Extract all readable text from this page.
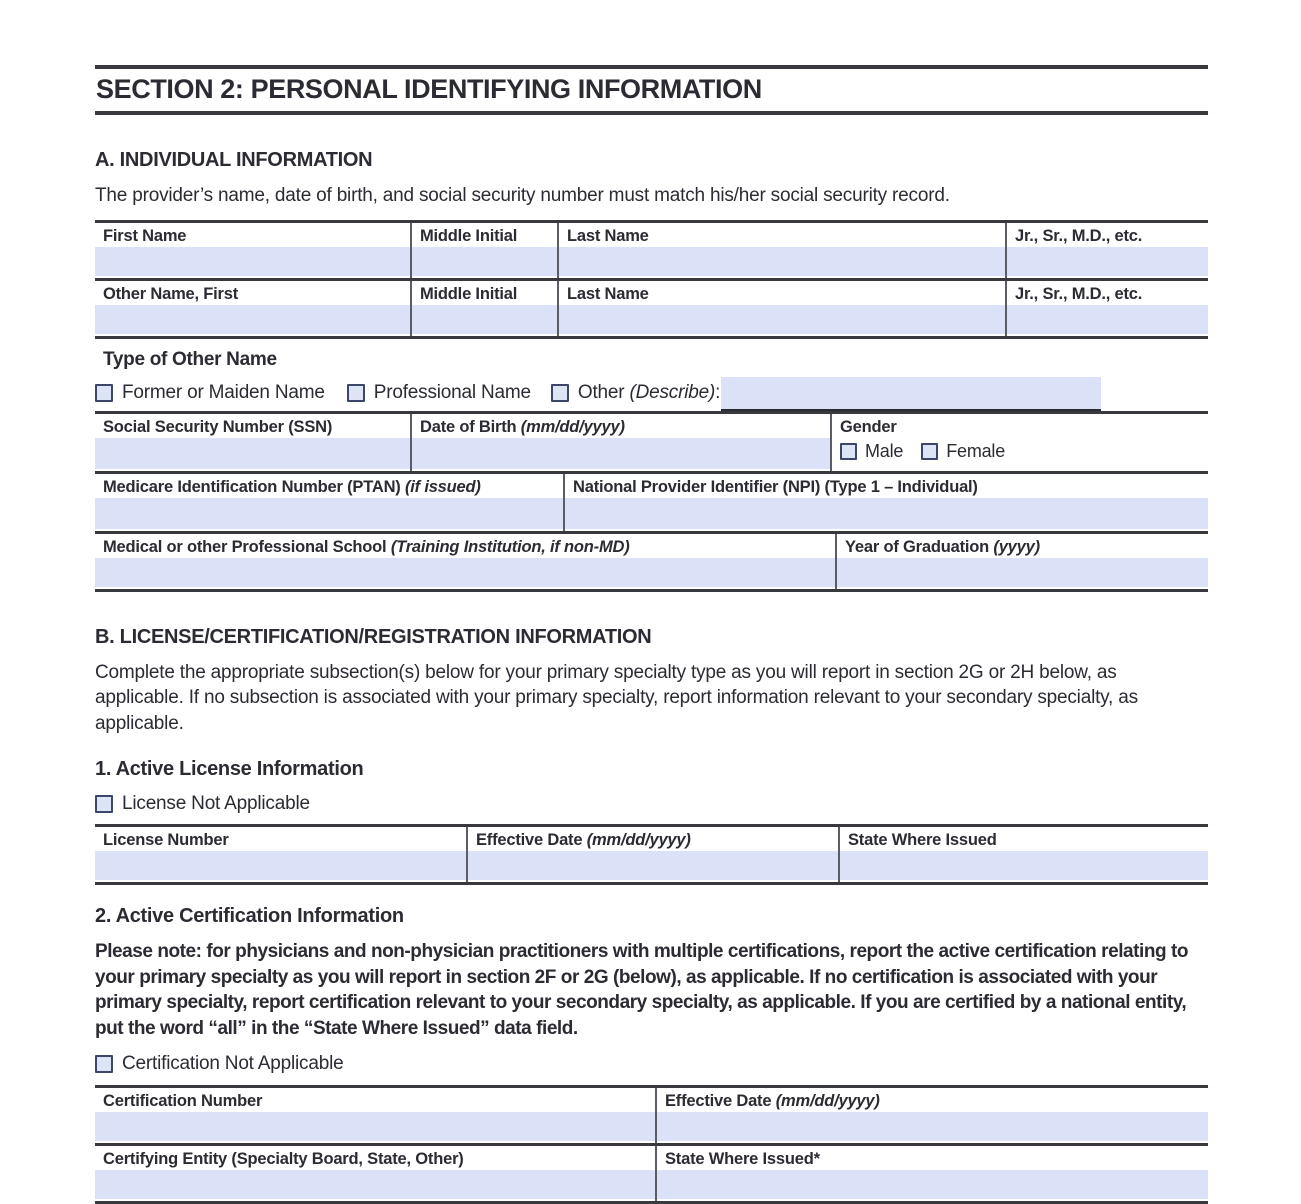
SECTION 2: PERSONAL IDENTIFYING INFORMATION
A. INDIVIDUAL INFORMATION

The provider’s name, date of birth, and social security number must match his/her social security record.

First Name	Middle Initial	Last Name	Jr., Sr., M.D., etc.
Other Name, First	Middle Initial	Last Name	Jr., Sr., M.D., etc.
Type of Other Name
Former or Maiden Name	Professional Name Other (Describe):
Social Security Number (SSN)	Date of Birth (mm/dd/yyyy)	Gender
Male Female
Medicare Identification Number (PTAN) (if issued)	National Provider Identifier (NPI) (Type 1 – Individual)
Medical or other Professional School (Training Institution, if non-MD)	Year of Graduation (yyyy)
B. LICENSE/CERTIFICATION/REGISTRATION INFORMATION

Complete the appropriate subsection(s) below for your primary specialty type as you will report in section 2G or 2H below, as applicable. If no subsection is associated with your primary specialty, report information relevant to your secondary specialty, as applicable.

1. Active License Information
License Not Applicable
License Number	Effective Date (mm/dd/yyyy)	State Where Issued
2. Active Certification Information

Please note: for physicians and non-physician practitioners with multiple certifications, report the active certification relating to your primary specialty as you will report in section 2F or 2G (below), as applicable. If no certification is associated with your primary specialty, report certification relevant to your secondary specialty, as applicable. If you are certified by a national entity, put the word “all” in the “State Where Issued” data field.

Certification Not Applicable
Certification Number	Effective Date (mm/dd/yyyy)
Certifying Entity (Specialty Board, State, Other)	State Where Issued*
